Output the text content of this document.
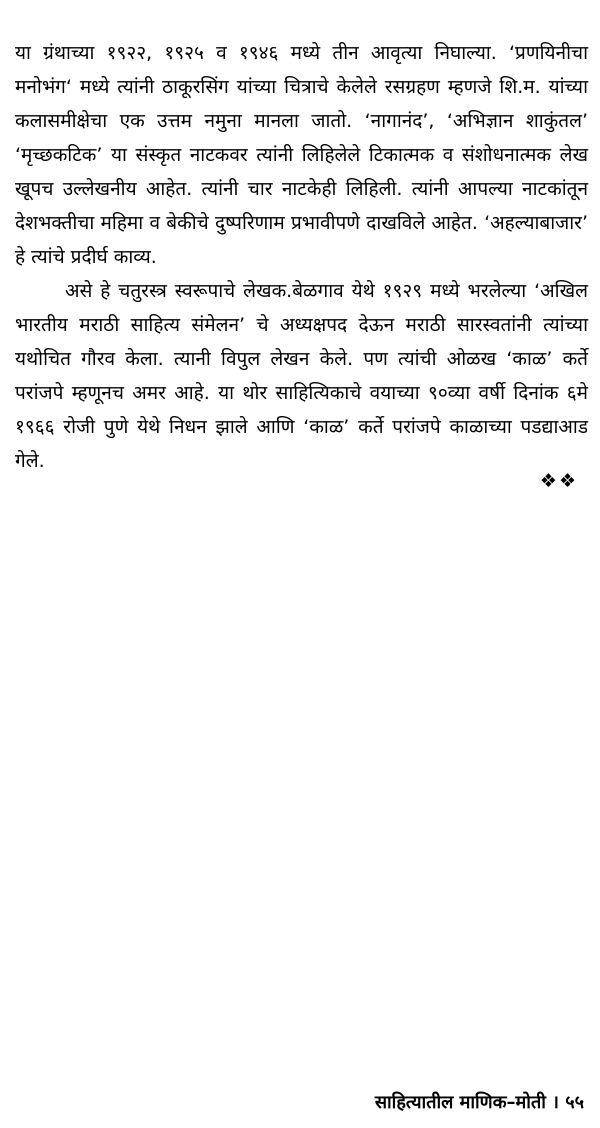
या ग्रंथाच्या १९२२, १९२५ व १९४६ मध्ये तीन आवृत्या निघाल्या. ‘प्रणयिनीचा मनोभंग‘ मध्ये त्यांनी ठाकूरसिंग यांच्या चित्राचे केलेले रसग्रहण म्हणजे शि.म. यांच्या कलासमीक्षेचा एक उत्तम नमुना मानला जातो. ‘नागानंद’, ‘अभिज्ञान शाकुंतल’ ‘मृच्छकटिक’ या संस्कृत नाटकवर त्यांनी लिहिलेले टिकात्मक व संशोधनात्मक लेख खूपच उल्लेखनीय आहेत. त्यांनी चार नाटकेही लिहिली. त्यांनी आपल्या नाटकांतून देशभक्तीचा महिमा व बेकीचे दुष्परिणाम प्रभावीपणे दाखविले आहेत. ‘अहल्याबाजार’ हे त्यांचे प्रदीर्घ काव्य.

असे हे चतुरस्त्र स्वरूपाचे लेखक.बेळगाव येथे १९२९ मध्ये भरलेल्या ‘अखिल भारतीय मराठी साहित्य संमेलन’ चे अध्यक्षपद देऊन मराठी सारस्वतांनी त्यांच्या यथोचित गौरव केला. त्यानी विपुल लेखन केले. पण त्यांची ओळख ‘काळ’ कर्ते परांजपे म्हणूनच अमर आहे. या थोर साहित्यिकाचे वयाच्या ९०व्या वर्षी दिनांक ६मे १९६६ रोजी पुणे येथे निधन झाले आणि ‘काळ’ कर्ते परांजपे काळाच्या पडद्याआड गेले.

❖❖
साहित्यातील माणिक–मोती । ५५
